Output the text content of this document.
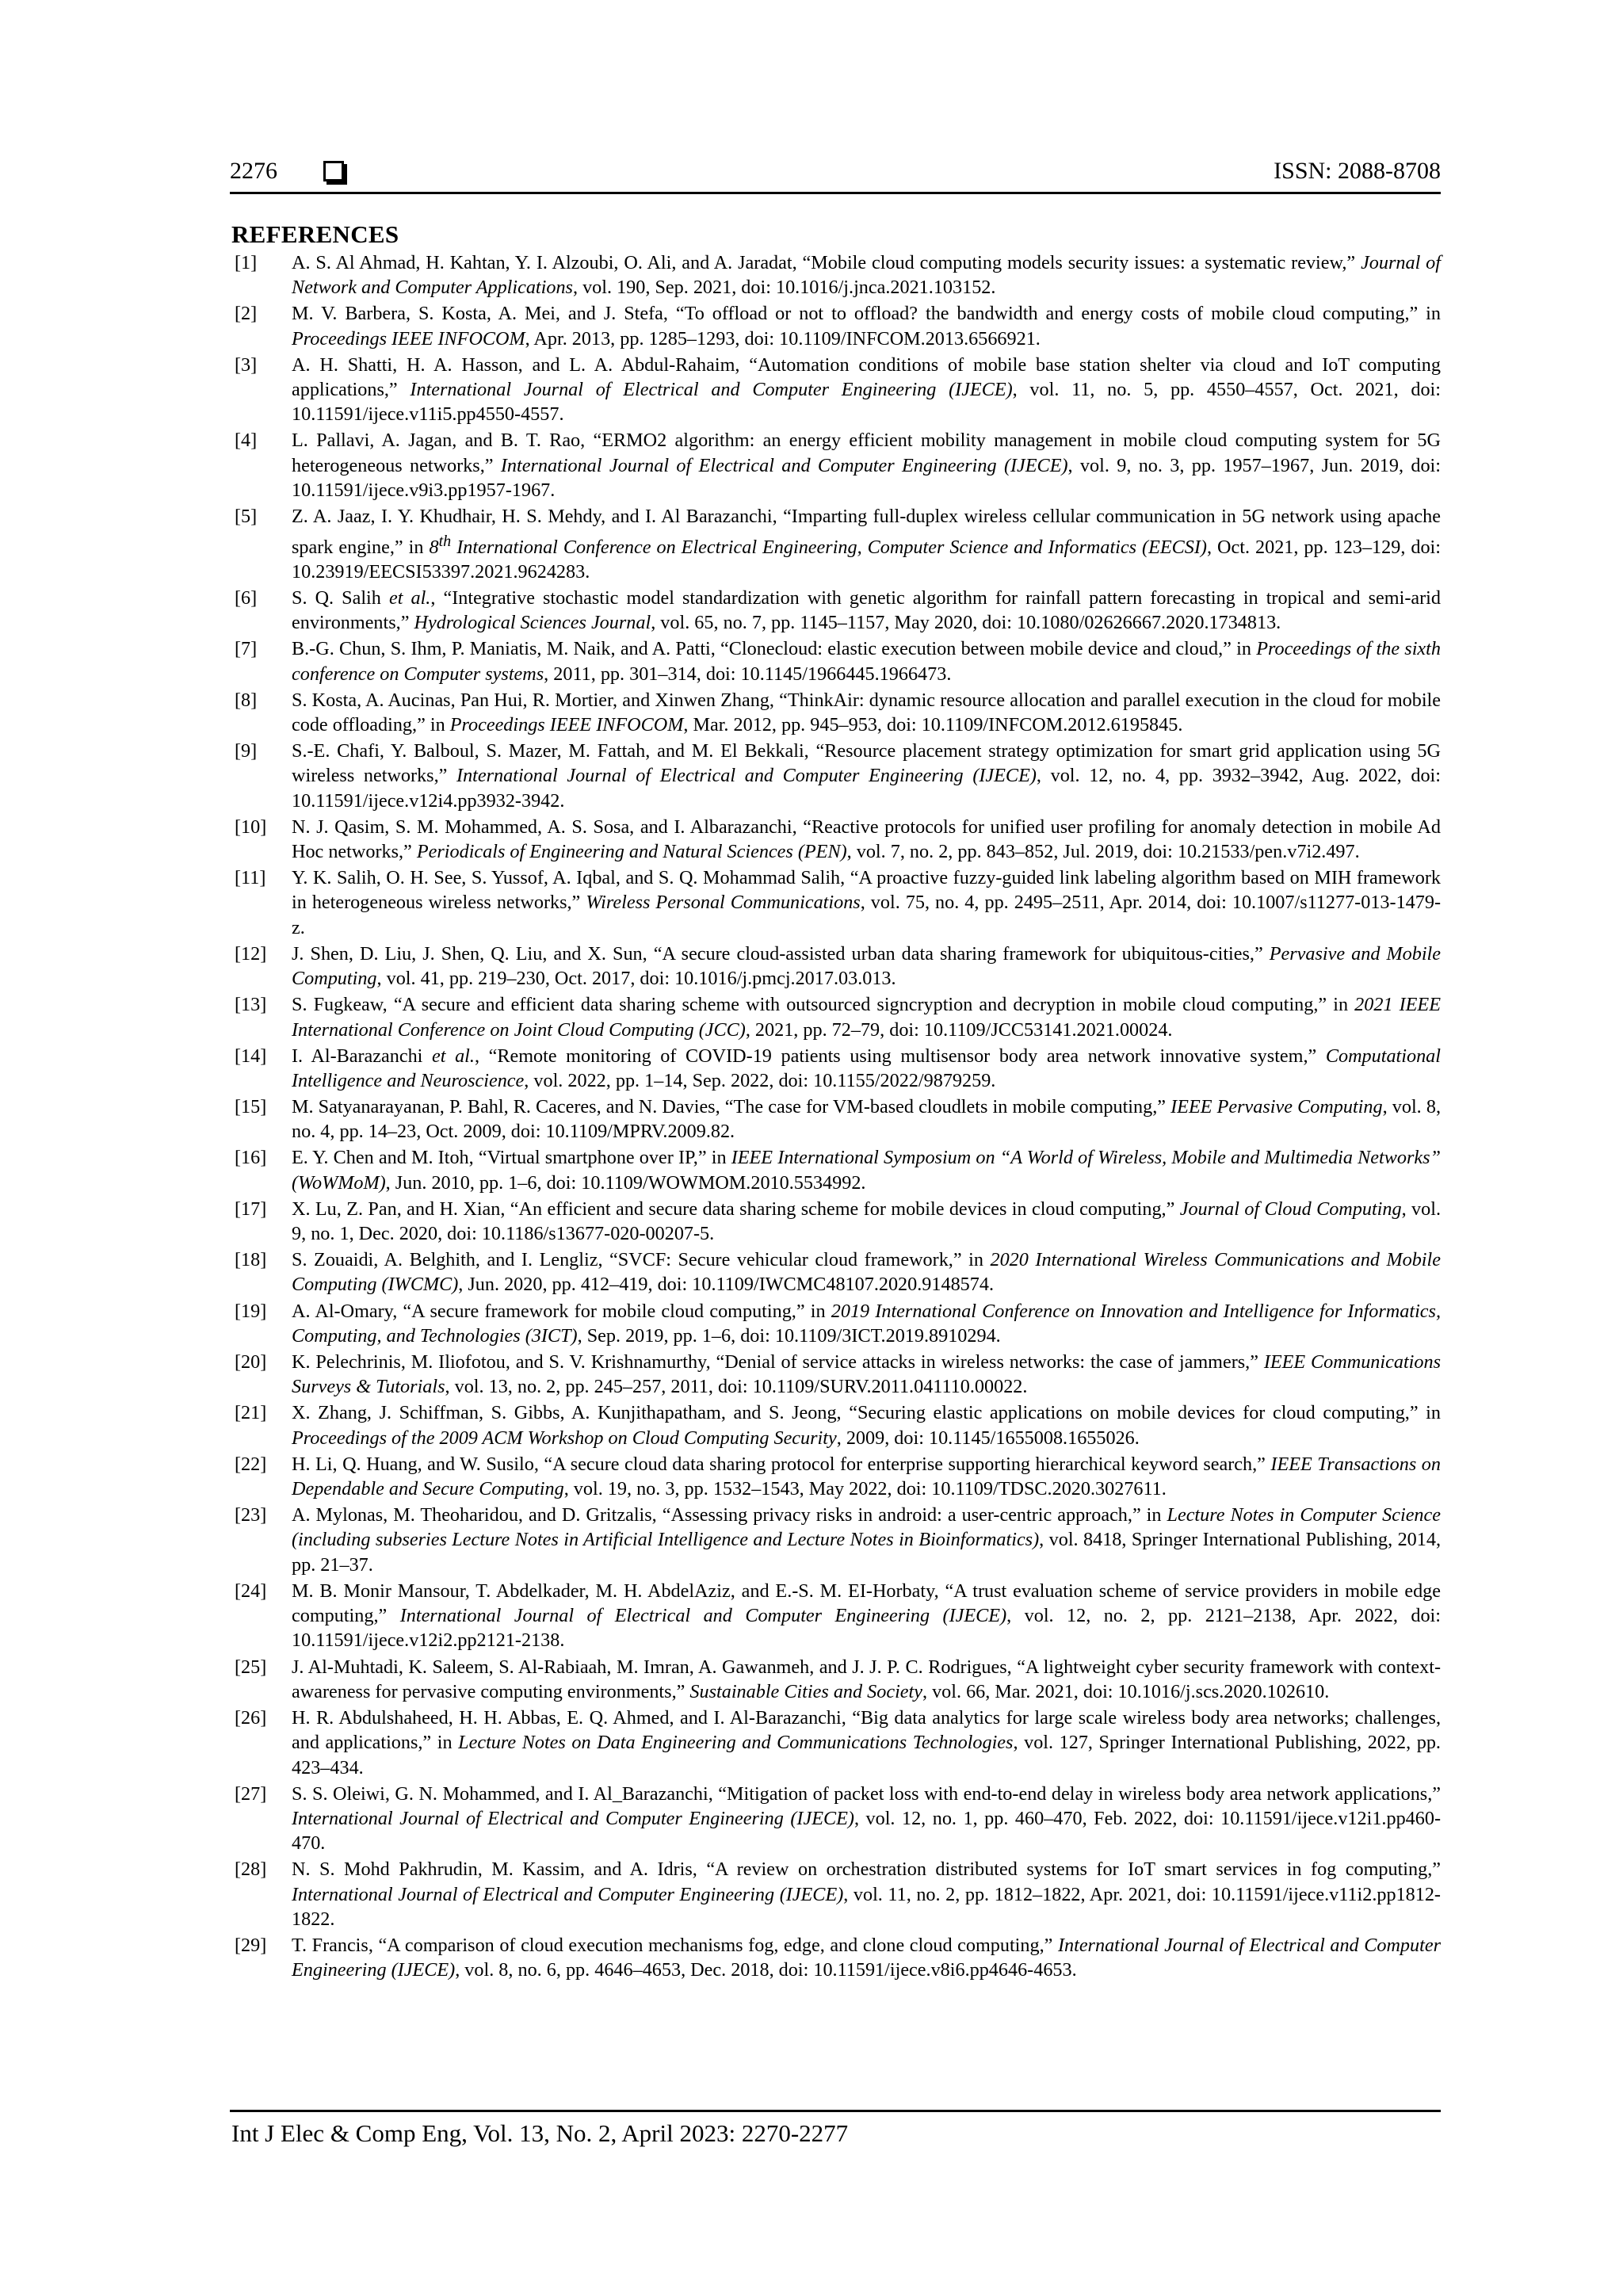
2276	ISSN: 2088-8708
REFERENCES
[1] A. S. Al Ahmad, H. Kahtan, Y. I. Alzoubi, O. Ali, and A. Jaradat, “Mobile cloud computing models security issues: a systematic review,” Journal of Network and Computer Applications, vol. 190, Sep. 2021, doi: 10.1016/j.jnca.2021.103152.
[2] M. V. Barbera, S. Kosta, A. Mei, and J. Stefa, “To offload or not to offload? the bandwidth and energy costs of mobile cloud computing,” in Proceedings IEEE INFOCOM, Apr. 2013, pp. 1285–1293, doi: 10.1109/INFCOM.2013.6566921.
[3] A. H. Shatti, H. A. Hasson, and L. A. Abdul-Rahaim, “Automation conditions of mobile base station shelter via cloud and IoT computing applications,” International Journal of Electrical and Computer Engineering (IJECE), vol. 11, no. 5, pp. 4550–4557, Oct. 2021, doi: 10.11591/ijece.v11i5.pp4550-4557.
[4] L. Pallavi, A. Jagan, and B. T. Rao, “ERMO2 algorithm: an energy efficient mobility management in mobile cloud computing system for 5G heterogeneous networks,” International Journal of Electrical and Computer Engineering (IJECE), vol. 9, no. 3, pp. 1957–1967, Jun. 2019, doi: 10.11591/ijece.v9i3.pp1957-1967.
[5] Z. A. Jaaz, I. Y. Khudhair, H. S. Mehdy, and I. Al Barazanchi, “Imparting full-duplex wireless cellular communication in 5G network using apache spark engine,” in 8th International Conference on Electrical Engineering, Computer Science and Informatics (EECSI), Oct. 2021, pp. 123–129, doi: 10.23919/EECSI53397.2021.9624283.
[6] S. Q. Salih et al., “Integrative stochastic model standardization with genetic algorithm for rainfall pattern forecasting in tropical and semi-arid environments,” Hydrological Sciences Journal, vol. 65, no. 7, pp. 1145–1157, May 2020, doi: 10.1080/02626667.2020.1734813.
[7] B.-G. Chun, S. Ihm, P. Maniatis, M. Naik, and A. Patti, “Clonecloud: elastic execution between mobile device and cloud,” in Proceedings of the sixth conference on Computer systems, 2011, pp. 301–314, doi: 10.1145/1966445.1966473.
[8] S. Kosta, A. Aucinas, Pan Hui, R. Mortier, and Xinwen Zhang, “ThinkAir: dynamic resource allocation and parallel execution in the cloud for mobile code offloading,” in Proceedings IEEE INFOCOM, Mar. 2012, pp. 945–953, doi: 10.1109/INFCOM.2012.6195845.
[9] S.-E. Chafi, Y. Balboul, S. Mazer, M. Fattah, and M. El Bekkali, “Resource placement strategy optimization for smart grid application using 5G wireless networks,” International Journal of Electrical and Computer Engineering (IJECE), vol. 12, no. 4, pp. 3932–3942, Aug. 2022, doi: 10.11591/ijece.v12i4.pp3932-3942.
[10] N. J. Qasim, S. M. Mohammed, A. S. Sosa, and I. Albarazanchi, “Reactive protocols for unified user profiling for anomaly detection in mobile Ad Hoc networks,” Periodicals of Engineering and Natural Sciences (PEN), vol. 7, no. 2, pp. 843–852, Jul. 2019, doi: 10.21533/pen.v7i2.497.
[11] Y. K. Salih, O. H. See, S. Yussof, A. Iqbal, and S. Q. Mohammad Salih, “A proactive fuzzy-guided link labeling algorithm based on MIH framework in heterogeneous wireless networks,” Wireless Personal Communications, vol. 75, no. 4, pp. 2495–2511, Apr. 2014, doi: 10.1007/s11277-013-1479-z.
[12] J. Shen, D. Liu, J. Shen, Q. Liu, and X. Sun, “A secure cloud-assisted urban data sharing framework for ubiquitous-cities,” Pervasive and Mobile Computing, vol. 41, pp. 219–230, Oct. 2017, doi: 10.1016/j.pmcj.2017.03.013.
[13] S. Fugkeaw, “A secure and efficient data sharing scheme with outsourced signcryption and decryption in mobile cloud computing,” in 2021 IEEE International Conference on Joint Cloud Computing (JCC), 2021, pp. 72–79, doi: 10.1109/JCC53141.2021.00024.
[14] I. Al-Barazanchi et al., “Remote monitoring of COVID-19 patients using multisensor body area network innovative system,” Computational Intelligence and Neuroscience, vol. 2022, pp. 1–14, Sep. 2022, doi: 10.1155/2022/9879259.
[15] M. Satyanarayanan, P. Bahl, R. Caceres, and N. Davies, “The case for VM-based cloudlets in mobile computing,” IEEE Pervasive Computing, vol. 8, no. 4, pp. 14–23, Oct. 2009, doi: 10.1109/MPRV.2009.82.
[16] E. Y. Chen and M. Itoh, “Virtual smartphone over IP,” in IEEE International Symposium on “A World of Wireless, Mobile and Multimedia Networks” (WoWMoM), Jun. 2010, pp. 1–6, doi: 10.1109/WOWMOM.2010.5534992.
[17] X. Lu, Z. Pan, and H. Xian, “An efficient and secure data sharing scheme for mobile devices in cloud computing,” Journal of Cloud Computing, vol. 9, no. 1, Dec. 2020, doi: 10.1186/s13677-020-00207-5.
[18] S. Zouaidi, A. Belghith, and I. Lengliz, “SVCF: Secure vehicular cloud framework,” in 2020 International Wireless Communications and Mobile Computing (IWCMC), Jun. 2020, pp. 412–419, doi: 10.1109/IWCMC48107.2020.9148574.
[19] A. Al-Omary, “A secure framework for mobile cloud computing,” in 2019 International Conference on Innovation and Intelligence for Informatics, Computing, and Technologies (3ICT), Sep. 2019, pp. 1–6, doi: 10.1109/3ICT.2019.8910294.
[20] K. Pelechrinis, M. Iliofotou, and S. V. Krishnamurthy, “Denial of service attacks in wireless networks: the case of jammers,” IEEE Communications Surveys & Tutorials, vol. 13, no. 2, pp. 245–257, 2011, doi: 10.1109/SURV.2011.041110.00022.
[21] X. Zhang, J. Schiffman, S. Gibbs, A. Kunjithapatham, and S. Jeong, “Securing elastic applications on mobile devices for cloud computing,” in Proceedings of the 2009 ACM Workshop on Cloud Computing Security, 2009, doi: 10.1145/1655008.1655026.
[22] H. Li, Q. Huang, and W. Susilo, “A secure cloud data sharing protocol for enterprise supporting hierarchical keyword search,” IEEE Transactions on Dependable and Secure Computing, vol. 19, no. 3, pp. 1532–1543, May 2022, doi: 10.1109/TDSC.2020.3027611.
[23] A. Mylonas, M. Theoharidou, and D. Gritzalis, “Assessing privacy risks in android: a user-centric approach,” in Lecture Notes in Computer Science (including subseries Lecture Notes in Artificial Intelligence and Lecture Notes in Bioinformatics), vol. 8418, Springer International Publishing, 2014, pp. 21–37.
[24] M. B. Monir Mansour, T. Abdelkader, M. H. AbdelAziz, and E.-S. M. EI-Horbaty, “A trust evaluation scheme of service providers in mobile edge computing,” International Journal of Electrical and Computer Engineering (IJECE), vol. 12, no. 2, pp. 2121–2138, Apr. 2022, doi: 10.11591/ijece.v12i2.pp2121-2138.
[25] J. Al-Muhtadi, K. Saleem, S. Al-Rabiaah, M. Imran, A. Gawanmeh, and J. J. P. C. Rodrigues, “A lightweight cyber security framework with context-awareness for pervasive computing environments,” Sustainable Cities and Society, vol. 66, Mar. 2021, doi: 10.1016/j.scs.2020.102610.
[26] H. R. Abdulshaheed, H. H. Abbas, E. Q. Ahmed, and I. Al-Barazanchi, “Big data analytics for large scale wireless body area networks; challenges, and applications,” in Lecture Notes on Data Engineering and Communications Technologies, vol. 127, Springer International Publishing, 2022, pp. 423–434.
[27] S. S. Oleiwi, G. N. Mohammed, and I. Al_Barazanchi, “Mitigation of packet loss with end-to-end delay in wireless body area network applications,” International Journal of Electrical and Computer Engineering (IJECE), vol. 12, no. 1, pp. 460–470, Feb. 2022, doi: 10.11591/ijece.v12i1.pp460-470.
[28] N. S. Mohd Pakhrudin, M. Kassim, and A. Idris, “A review on orchestration distributed systems for IoT smart services in fog computing,” International Journal of Electrical and Computer Engineering (IJECE), vol. 11, no. 2, pp. 1812–1822, Apr. 2021, doi: 10.11591/ijece.v11i2.pp1812-1822.
[29] T. Francis, “A comparison of cloud execution mechanisms fog, edge, and clone cloud computing,” International Journal of Electrical and Computer Engineering (IJECE), vol. 8, no. 6, pp. 4646–4653, Dec. 2018, doi: 10.11591/ijece.v8i6.pp4646-4653.
Int J Elec & Comp Eng, Vol. 13, No. 2, April 2023: 2270-2277
